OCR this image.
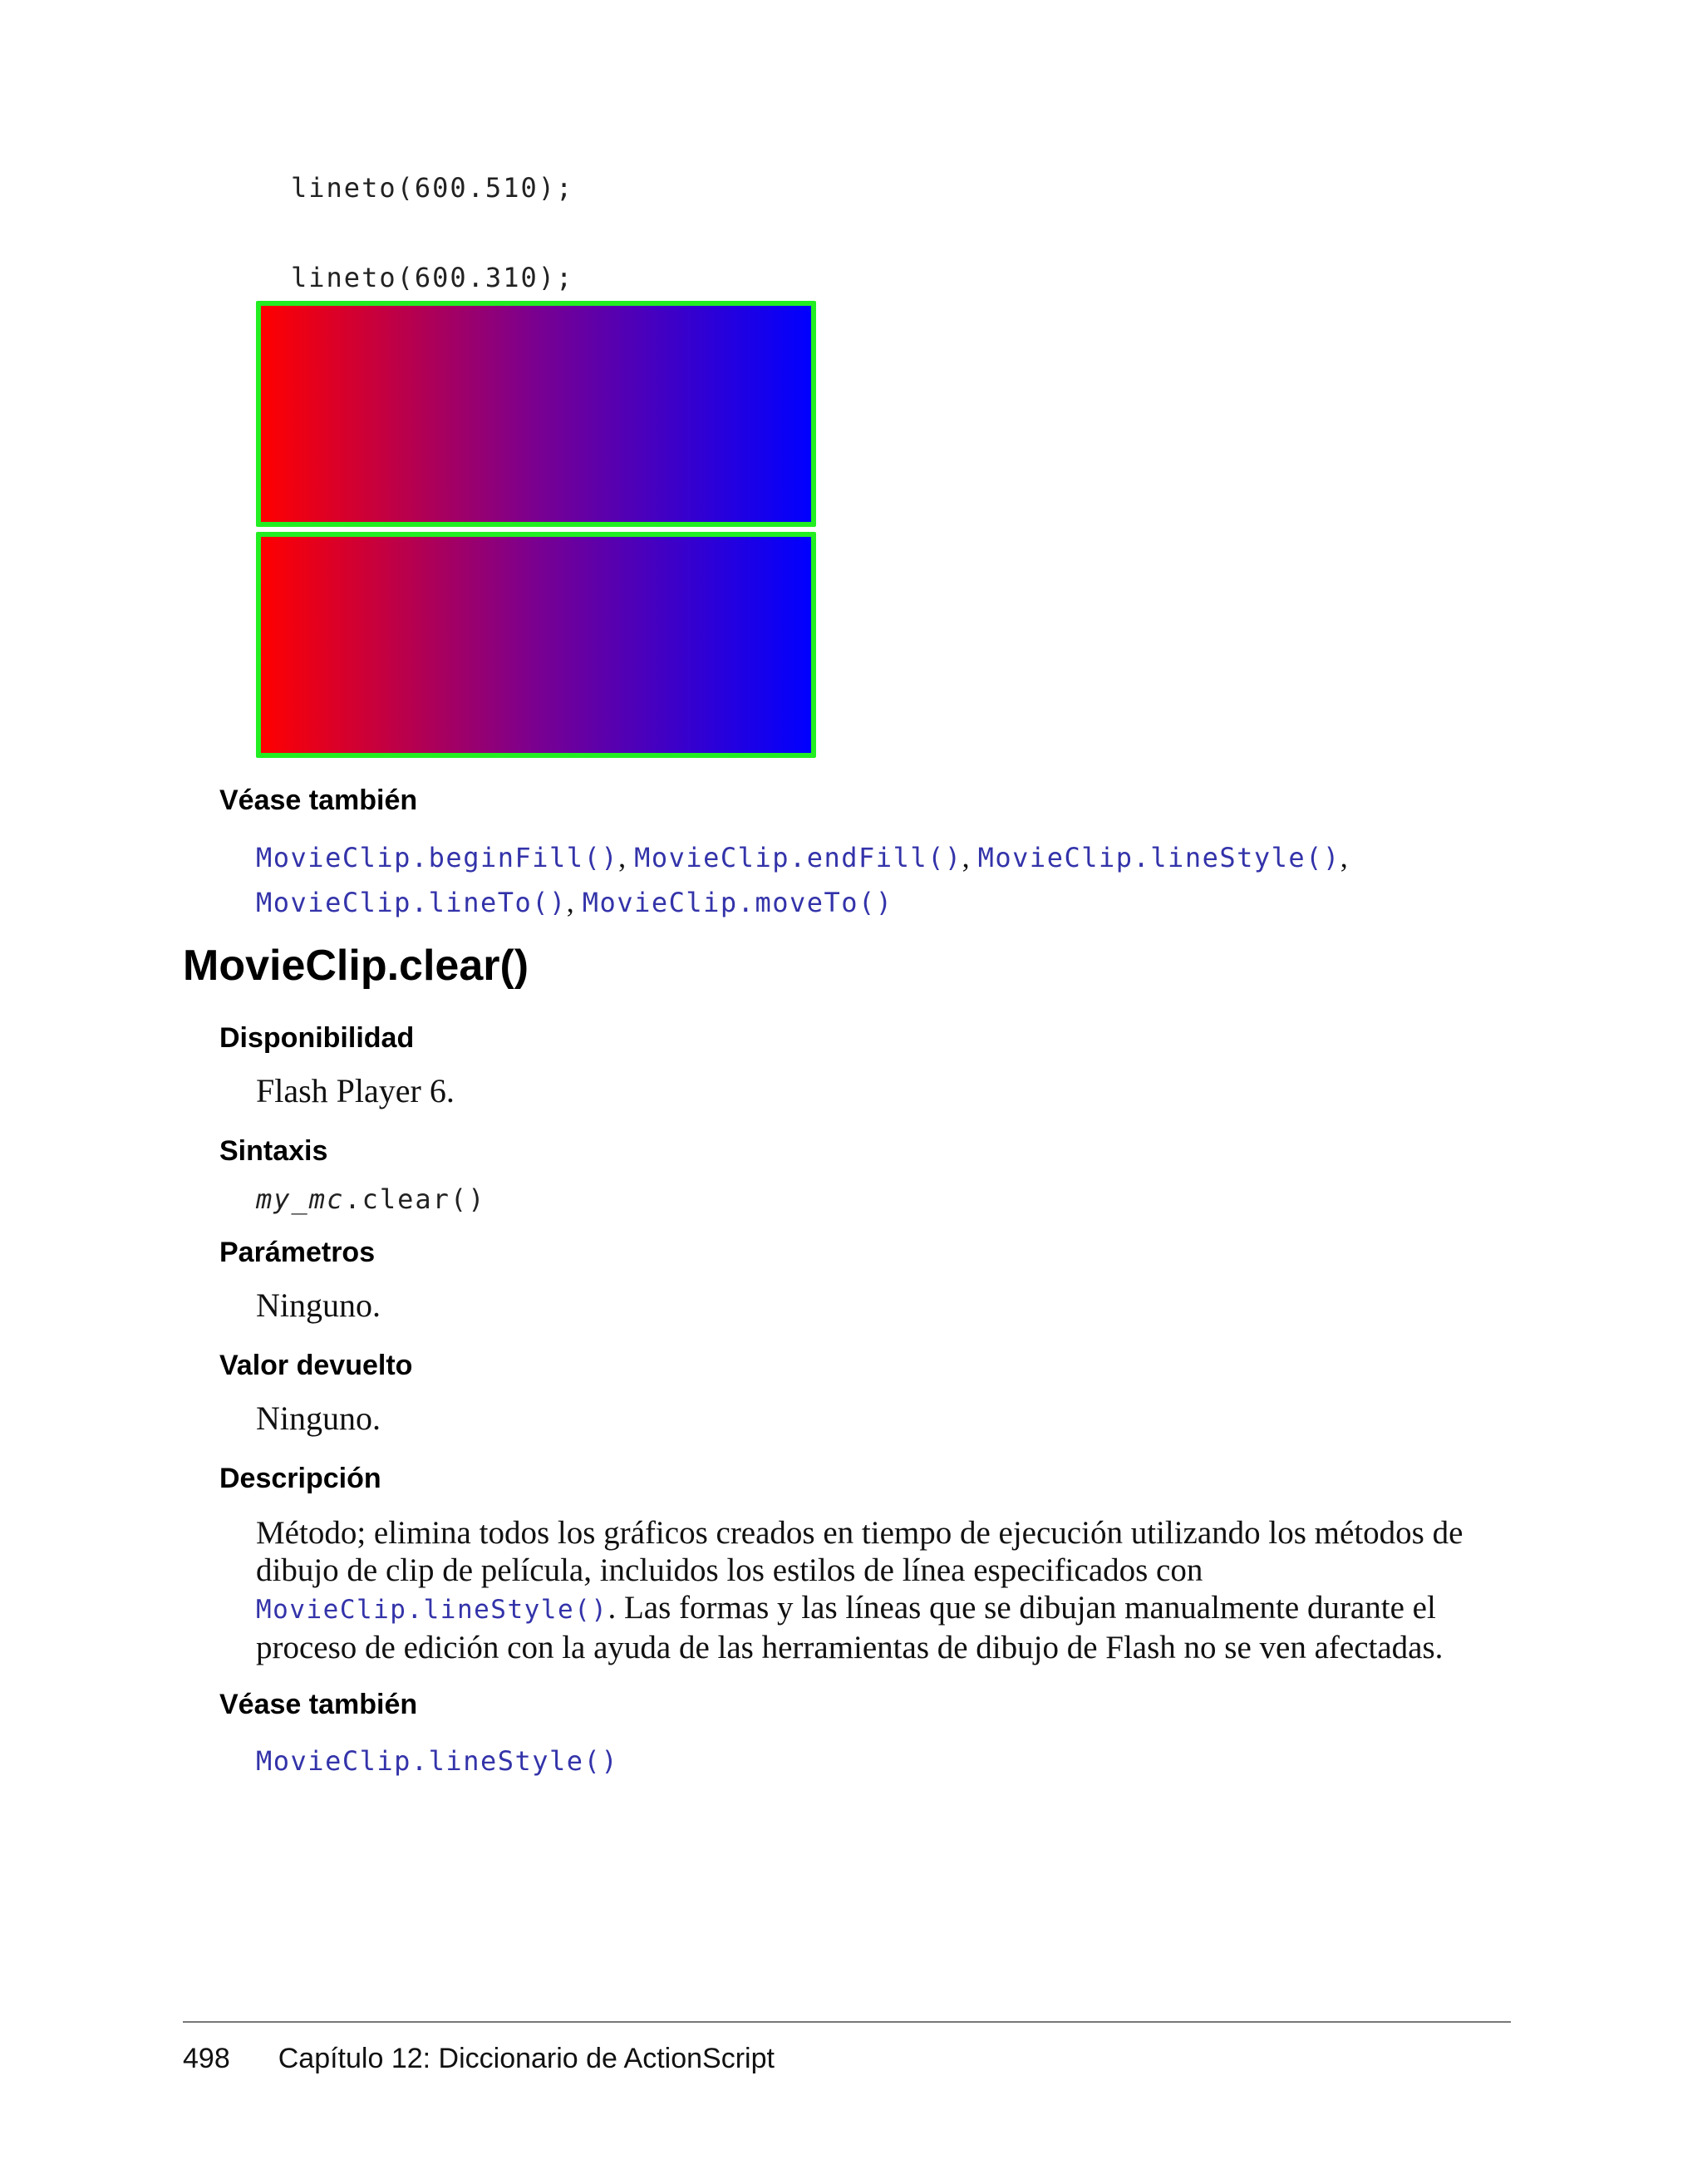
lineto(600.510);

lineto(600.310);

Véase también
MovieClip.beginFill(), MovieClip.endFill(), MovieClip.lineStyle(),
MovieClip.lineTo(), MovieClip.moveTo()
MovieClip.clear()
Disponibilidad

Flash Player 6.

Sintaxis
my_mc.clear()
Parámetros

Ninguno.

Valor devuelto

Ninguno.

Descripción

Método; elimina todos los gráficos creados en tiempo de ejecución utilizando los métodos de dibujo de clip de película, incluidos los estilos de línea especificados con
MovieClip.lineStyle(). Las formas y las líneas que se dibujan manualmente durante el proceso de edición con la ayuda de las herramientas de dibujo de Flash no se ven afectadas.

Véase también
MovieClip.lineStyle()
498 Capítulo 12: Diccionario de ActionScript
